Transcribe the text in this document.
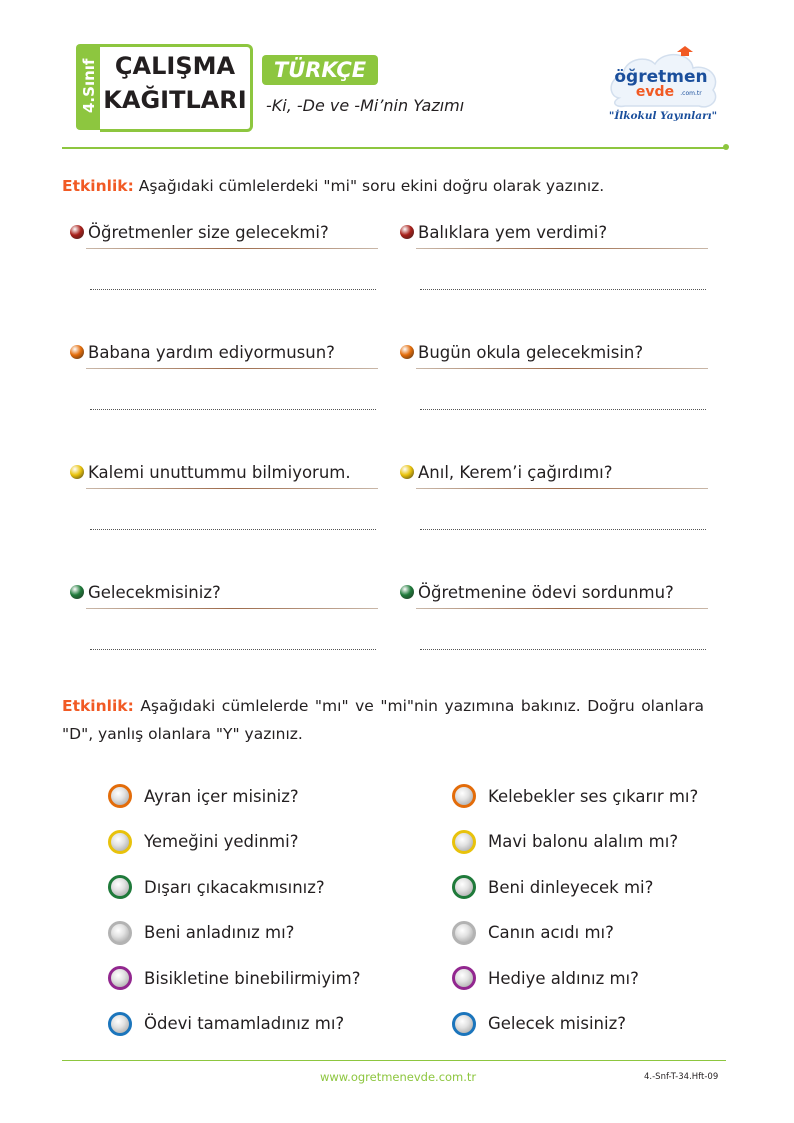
4.Sınıf ÇALIŞMA
KAĞITLARI
TÜRKÇE
-Ki, -De ve -Mi’nin Yazımı
öğretmen
evde .com.tr
"İlkokul Yayınları"
Etkinlik: Aşağıdaki cümlelerdeki "mi" soru ekini doğru olarak yazınız.
Öğretmenler size gelecekmi?
Babana yardım ediyormusun?
Kalemi unuttummu bilmiyorum.
Gelecekmisiniz?
Balıklara yem verdimi?
Bugün okula gelecekmisin?
Anıl, Kerem’i çağırdımı?
Öğretmenine ödevi sordunmu?
Etkinlik: Aşağıdaki cümlelerde "mı" ve "mi"nin yazımına bakınız. Doğru olanlara "D", yanlış olanlara "Y" yazınız.
Ayran içer misiniz?
Yemeğini yedinmi?
Dışarı çıkacakmısınız?
Beni anladınız mı?
Bisikletine binebilirmiyim?
Ödevi tamamladınız mı?
Kelebekler ses çıkarır mı?
Mavi balonu alalım mı?
Beni dinleyecek mi?
Canın acıdı mı?
Hediye aldınız mı?
Gelecek misiniz?
www.ogretmenevde.com.tr	4.-Snf-T-34.Hft-09
